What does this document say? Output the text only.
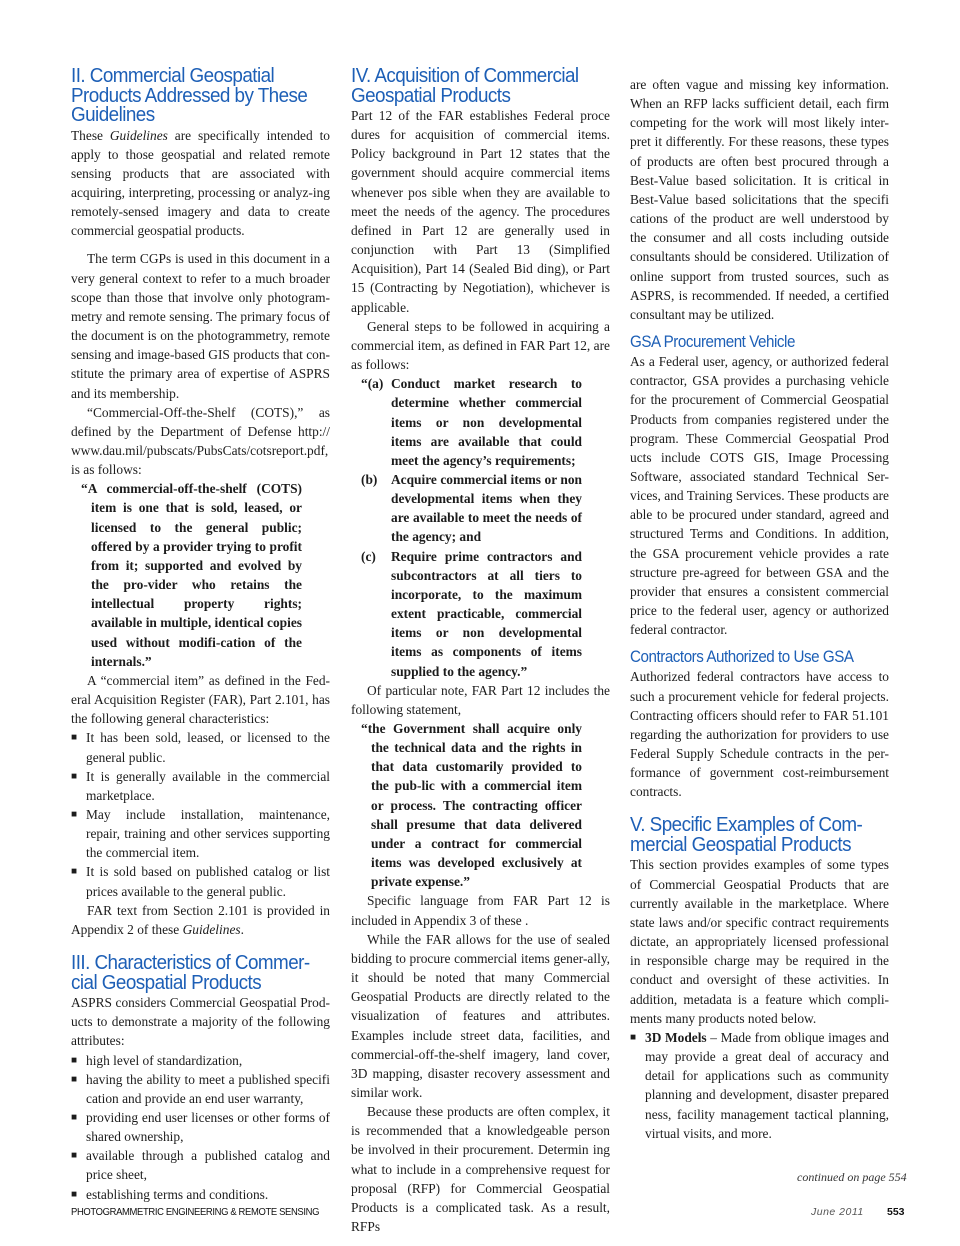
II. Commercial Geospatial
Products Addressed by These
Guidelines

These Guidelines are specifically intended to apply to those geospatial and related remote sensing products that are associated with acquiring, interpreting, processing or analyz-ing remotely-sensed imagery and data to create commercial geospatial products.

The term CGPs is used in this document in a very general context to refer to a much broader scope than those that involve only photogram-metry and remote sensing. The primary focus of the document is on the photogrammetry, remote sensing and image-based GIS products that con-stitute the primary area of expertise of ASPRS and its membership.

“Commercial-Off-the-Shelf (COTS),” as defined by the Department of Defense http:// www.dau.mil/pubscats/PubsCats/cotsreport.pdf, is as follows:

“A commercial-off-the-shelf (COTS) item is one that is sold, leased, or licensed to the general public; offered by a provider trying to profit from it; supported and evolved by the pro-vider who retains the intellectual property rights; available in multiple, identical copies used without modifi-cation of the internals.”

A “commercial item” as defined in the Fed-eral Acquisition Register (FAR), Part 2.101, has the following general characteristics:

■ It has been sold, leased, or licensed to the general public.
■ It is generally available in the commercial marketplace.
■ May include installation, maintenance, repair, training and other services supporting the commercial item.
■ It is sold based on published catalog or list prices available to the general public.

FAR text from Section 2.101 is provided in Appendix 2 of these Guidelines.

III. Characteristics of Commer-
cial Geospatial Products

ASPRS considers Commercial Geospatial Prod-ucts to demonstrate a majority of the following attributes:

■ high level of standardization,
■ having the ability to meet a published specifi cation and provide an end user warranty,
■ providing end user licenses or other forms of shared ownership,
■ available through a published catalog and price sheet,
■ establishing terms and conditions.
IV. Acquisition of Commercial
Geospatial Products

Part 12 of the FAR establishes Federal proce dures for acquisition of commercial items. Policy background in Part 12 states that the government should acquire commercial items whenever pos sible when they are available to meet the needs of the agency. The procedures defined in Part 12 are generally used in conjunction with Part 13 (Simplified Acquisition), Part 14 (Sealed Bid ding), or Part 15 (Contracting by Negotiation), whichever is applicable.

General steps to be followed in acquiring a commercial item, as defined in FAR Part 12, are as follows:

“(a) Conduct market research to determine whether commercial items or non developmental items are available that could meet the agency’s requirements;
(b) Acquire commercial items or non developmental items when they are available to meet the needs of the agency; and
(c) Require prime contractors and subcontractors at all tiers to incorporate, to the maximum extent practicable, commercial items or non developmental items as components of items supplied to the agency.”

Of particular note, FAR Part 12 includes the following statement,

“the Government shall acquire only the technical data and the rights in that data customarily provided to the pub-lic with a commercial item or process. The contracting officer shall presume that data delivered under a contract for commercial items was developed exclusively at private expense.”

Specific language from FAR Part 12 is included in Appendix 3 of these .

While the FAR allows for the use of sealed bidding to procure commercial items gener-ally, it should be noted that many Commercial Geospatial Products are directly related to the visualization of features and attributes. Examples include street data, facilities, and commercial-off-the-shelf imagery, land cover, 3D mapping, disaster recovery assessment and similar work.

Because these products are often complex, it is recommended that a knowledgeable person be involved in their procurement. Determin ing what to include in a comprehensive request for proposal (RFP) for Commercial Geospatial Products is a complicated task. As a result, RFPs

are often vague and missing key information. When an RFP lacks sufficient detail, each firm competing for the work will most likely inter-pret it differently. For these reasons, these types of products are often best procured through a Best-Value based solicitation. It is critical in Best-Value based solicitations that the specifi cations of the product are well understood by the consumer and all costs including outside consultants should be considered. Utilization of online support from trusted sources, such as ASPRS, is recommended. If needed, a certified consultant may be utilized.

GSA Procurement Vehicle

As a Federal user, agency, or authorized federal contractor, GSA provides a purchasing vehicle for the procurement of Commercial Geospatial Products from companies registered under the program. These Commercial Geospatial Prod ucts include COTS GIS, Image Processing Software, associated standard Technical Ser-vices, and Training Services. These products are able to be procured under standard, agreed and structured Terms and Conditions. In addition, the GSA procurement vehicle provides a rate structure pre-agreed for between GSA and the provider that ensures a consistent commercial price to the federal user, agency or authorized federal contractor.

Contractors Authorized to Use GSA

Authorized federal contractors have access to such a procurement vehicle for federal projects. Contracting officers should refer to FAR 51.101 regarding the authorization for providers to use Federal Supply Schedule contracts in the per-formance of government cost-reimbursement contracts.

V. Specific Examples of Com-
mercial Geospatial Products

This section provides examples of some types of Commercial Geospatial Products that are currently available in the marketplace. Where state laws and/or specific contract requirements dictate, an appropriately licensed professional in responsible charge may be required in the conduct and oversight of these activities. In addition, metadata is a feature which compli-ments many products noted below.

■ 3D Models – Made from oblique images and may provide a great deal of accuracy and detail for applications such as community planning and development, disaster prepared ness, facility management tactical planning, virtual visits, and more.
continued on page 554
PHOTOGRAMMETRIC ENGINEERING & REMOTE SENSING	June 2011 553
